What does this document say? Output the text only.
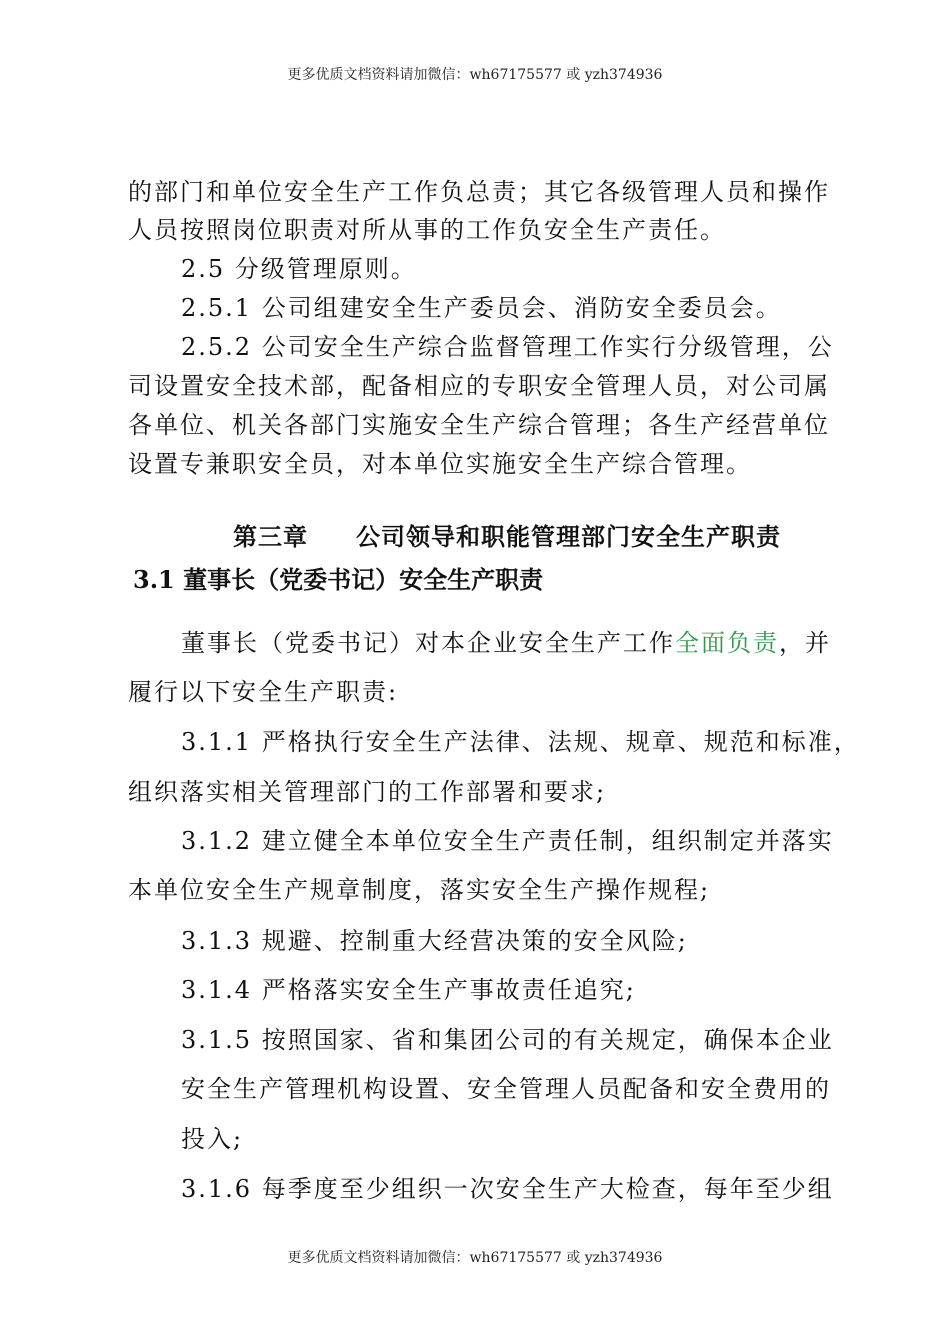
更多优质文档资料请加微信：wh67175577 或 yzh374936
的部门和单位安全生产工作负总责；其它各级管理人员和操作
人员按照岗位职责对所从事的工作负安全生产责任。
2.5 分级管理原则。
2.5.1 公司组建安全生产委员会、消防安全委员会。
2.5.2 公司安全生产综合监督管理工作实行分级管理，公
司设置安全技术部，配备相应的专职安全管理人员，对公司属
各单位、机关各部门实施安全生产综合管理；各生产经营单位
设置专兼职安全员，对本单位实施安全生产综合管理。
第三章 公司领导和职能管理部门安全生产职责
3.1 董事长（党委书记）安全生产职责
董事长（党委书记）对本企业安全生产工作全面负责，并
履行以下安全生产职责:
3.1.1 严格执行安全生产法律、法规、规章、规范和标准，
组织落实相关管理部门的工作部署和要求;
3.1.2 建立健全本单位安全生产责任制，组织制定并落实
本单位安全生产规章制度，落实安全生产操作规程;
3.1.3 规避、控制重大经营决策的安全风险;
3.1.4 严格落实安全生产事故责任追究;
3.1.5 按照国家、省和集团公司的有关规定，确保本企业
安全生产管理机构设置、安全管理人员配备和安全费用的
投入;
3.1.6 每季度至少组织一次安全生产大检查，每年至少组
更多优质文档资料请加微信：wh67175577 或 yzh374936
